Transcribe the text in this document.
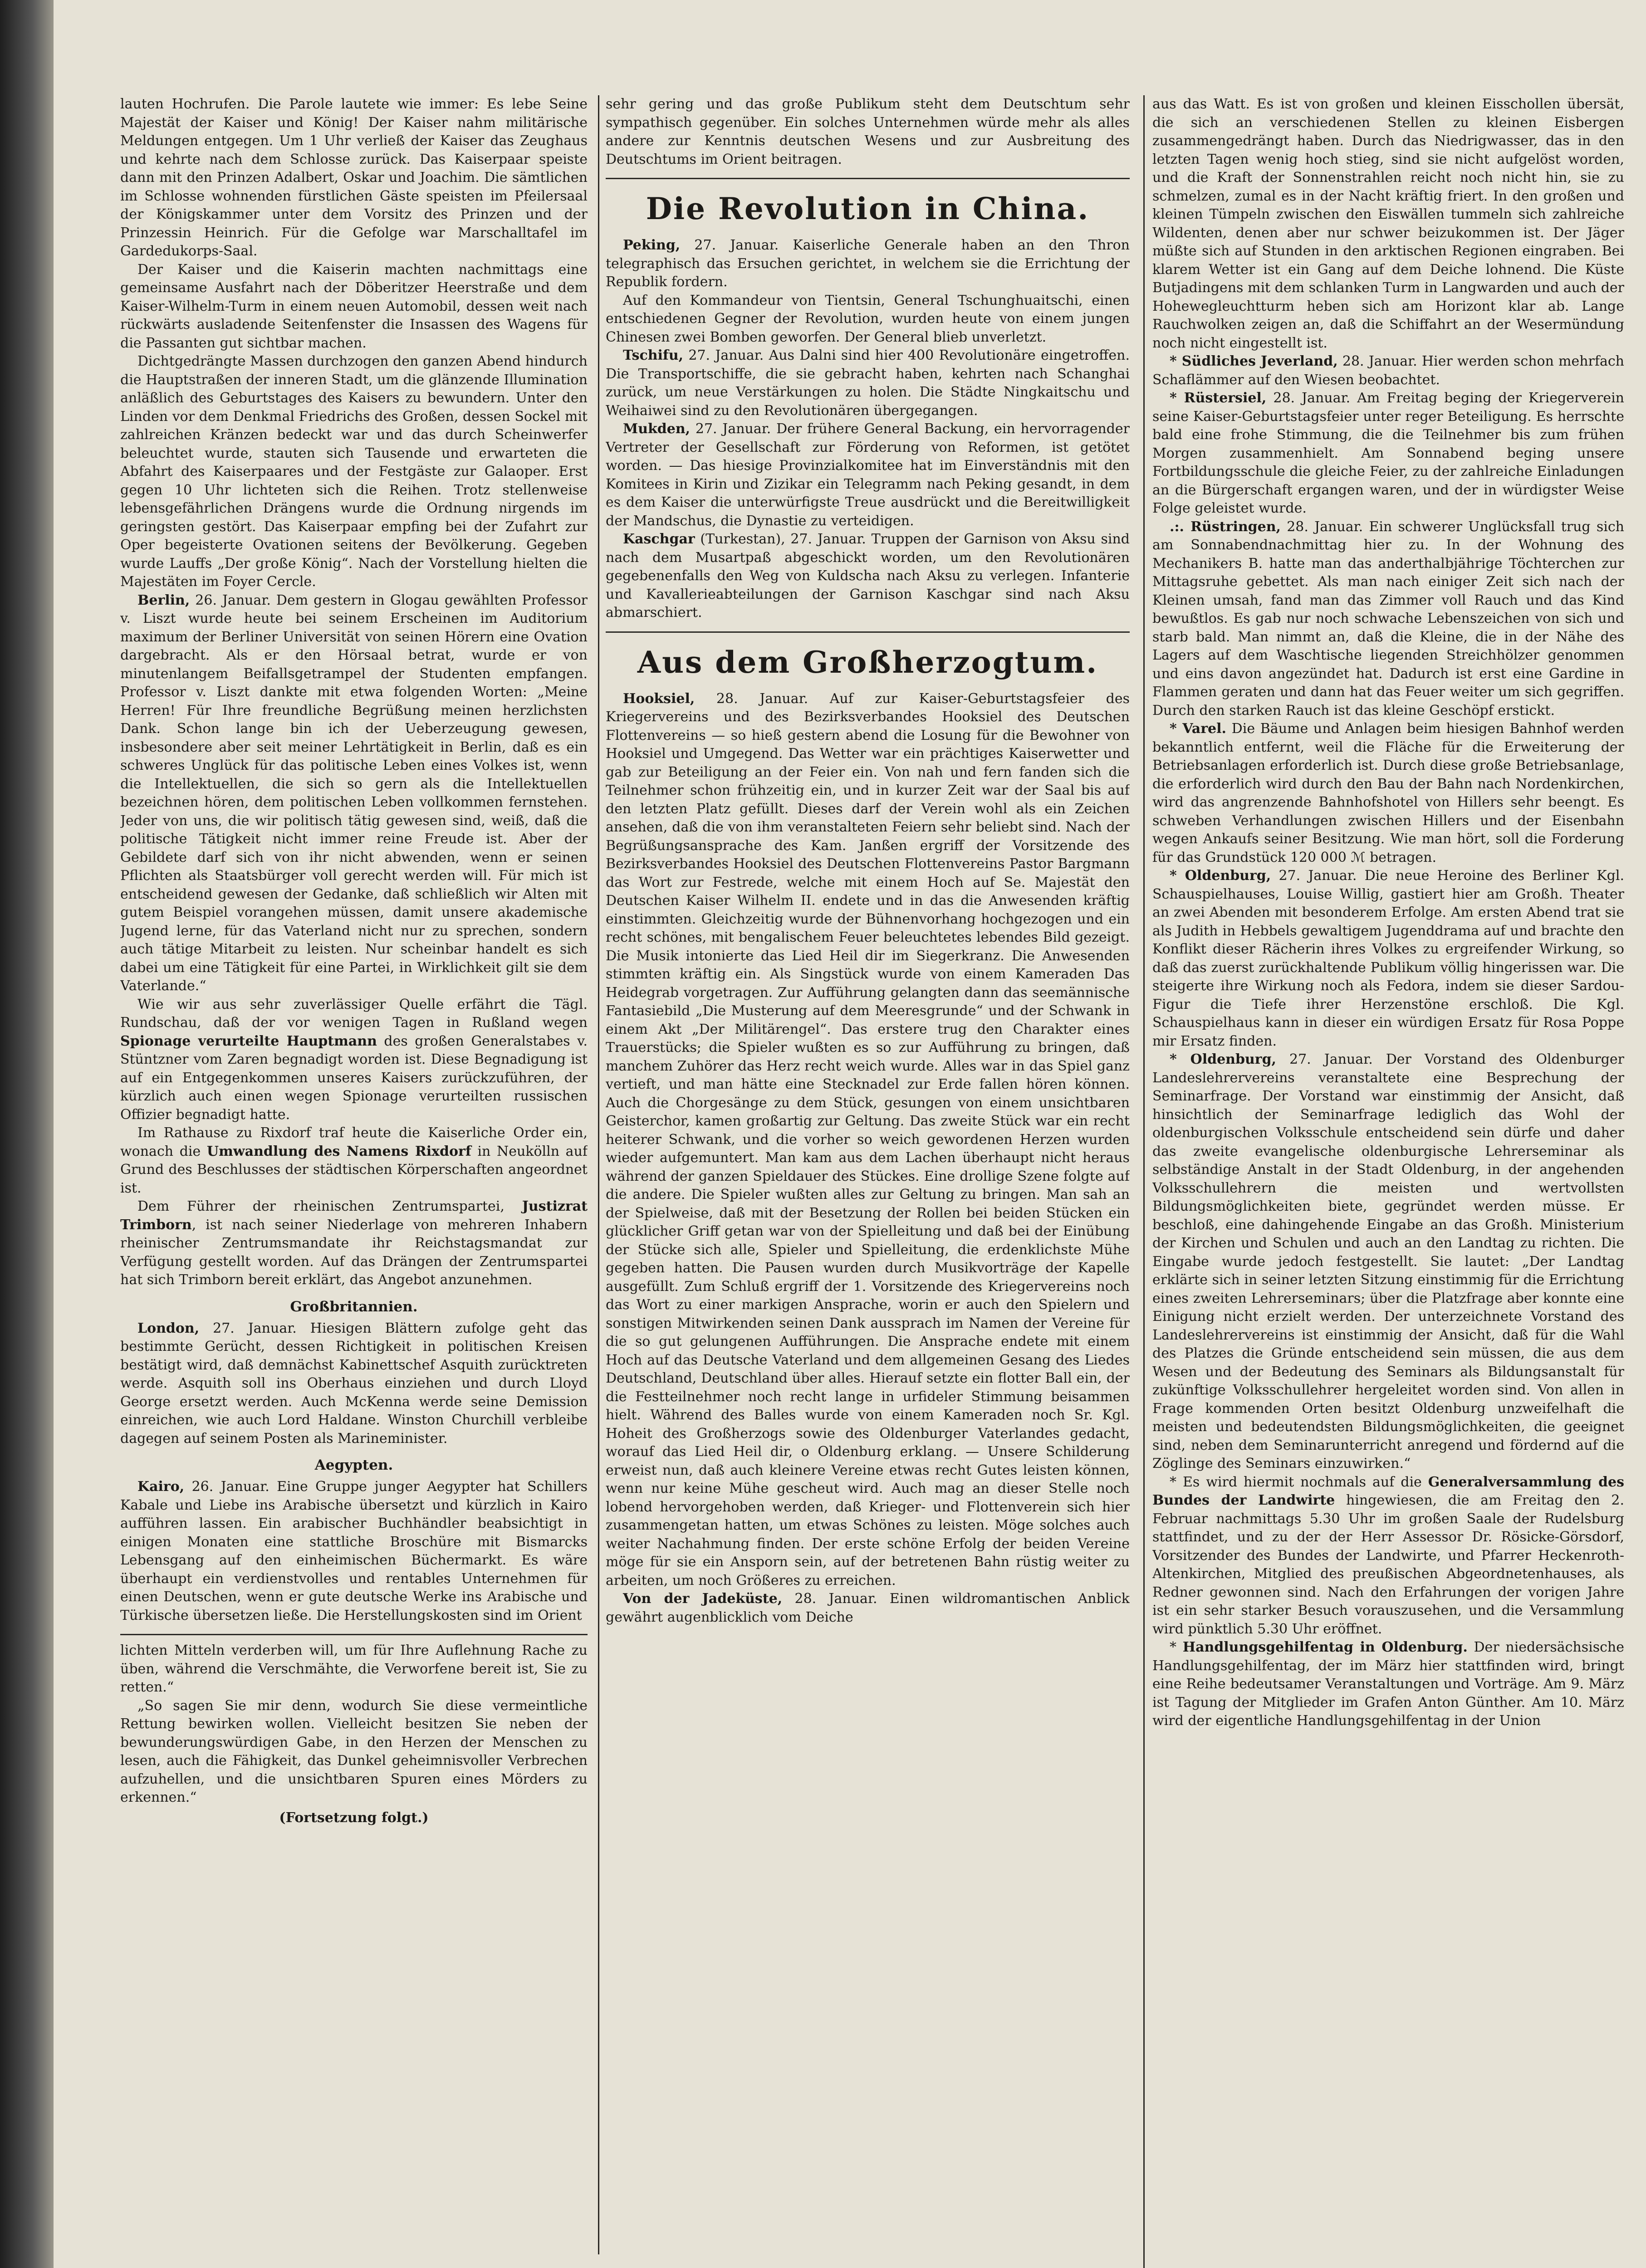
lauten Hochrufen. Die Parole lautete wie immer: Es lebe Seine Majestät der Kaiser und König! Der Kaiser nahm militärische Meldungen entgegen. Um 1 Uhr verließ der Kaiser das Zeughaus und kehrte nach dem Schlosse zurück. Das Kaiserpaar speiste dann mit den Prinzen Adalbert, Oskar und Joachim. Die sämtlichen im Schlosse wohnenden fürstlichen Gäste speisten im Pfeilersaal der Königskammer unter dem Vorsitz des Prinzen und der Prinzessin Heinrich. Für die Gefolge war Marschalltafel im Gardedukorps-Saal.

Der Kaiser und die Kaiserin machten nachmittags eine gemeinsame Ausfahrt nach der Döberitzer Heerstraße und dem Kaiser-Wilhelm-Turm in einem neuen Automobil, dessen weit nach rückwärts ausladende Seitenfenster die Insassen des Wagens für die Passanten gut sichtbar machen.

Dichtgedrängte Massen durchzogen den ganzen Abend hindurch die Hauptstraßen der inneren Stadt, um die glänzende Illumination anläßlich des Geburtstages des Kaisers zu bewundern. Unter den Linden vor dem Denkmal Friedrichs des Großen, dessen Sockel mit zahlreichen Kränzen bedeckt war und das durch Scheinwerfer beleuchtet wurde, stauten sich Tausende und erwarteten die Abfahrt des Kaiserpaares und der Festgäste zur Galaoper. Erst gegen 10 Uhr lichteten sich die Reihen. Trotz stellenweise lebensgefährlichen Drängens wurde die Ordnung nirgends im geringsten gestört. Das Kaiserpaar empfing bei der Zufahrt zur Oper begeisterte Ovationen seitens der Bevölkerung. Gegeben wurde Lauffs „Der große König“. Nach der Vorstellung hielten die Majestäten im Foyer Cercle.

Berlin, 26. Januar. Dem gestern in Glogau gewählten Professor v. Liszt wurde heute bei seinem Erscheinen im Auditorium maximum der Berliner Universität von seinen Hörern eine Ovation dargebracht. Als er den Hörsaal betrat, wurde er von minutenlangem Beifallsgetrampel der Studenten empfangen. Professor v. Liszt dankte mit etwa folgenden Worten: „Meine Herren! Für Ihre freundliche Begrüßung meinen herzlichsten Dank. Schon lange bin ich der Ueberzeugung gewesen, insbesondere aber seit meiner Lehrtätigkeit in Berlin, daß es ein schweres Unglück für das politische Leben eines Volkes ist, wenn die Intellektuellen, die sich so gern als die Intellektuellen bezeichnen hören, dem politischen Leben vollkommen fernstehen. Jeder von uns, die wir politisch tätig gewesen sind, weiß, daß die politische Tätigkeit nicht immer reine Freude ist. Aber der Gebildete darf sich von ihr nicht abwenden, wenn er seinen Pflichten als Staatsbürger voll gerecht werden will. Für mich ist entscheidend gewesen der Gedanke, daß schließlich wir Alten mit gutem Beispiel vorangehen müssen, damit unsere akademische Jugend lerne, für das Vaterland nicht nur zu sprechen, sondern auch tätige Mitarbeit zu leisten. Nur scheinbar handelt es sich dabei um eine Tätigkeit für eine Partei, in Wirklichkeit gilt sie dem Vaterlande.“

Wie wir aus sehr zuverlässiger Quelle erfährt die Tägl. Rundschau, daß der vor wenigen Tagen in Rußland wegen Spionage verurteilte Hauptmann des großen Generalstabes v. Stüntzner vom Zaren begnadigt worden ist. Diese Begnadigung ist auf ein Entgegenkommen unseres Kaisers zurückzuführen, der kürzlich auch einen wegen Spionage verurteilten russischen Offizier begnadigt hatte.

Im Rathause zu Rixdorf traf heute die Kaiserliche Order ein, wonach die Umwandlung des Namens Rixdorf in Neukölln auf Grund des Beschlusses der städtischen Körperschaften angeordnet ist.

Dem Führer der rheinischen Zentrumspartei, Justizrat Trimborn, ist nach seiner Niederlage von mehreren Inhabern rheinischer Zentrumsmandate ihr Reichstagsmandat zur Verfügung gestellt worden. Auf das Drängen der Zentrumspartei hat sich Trimborn bereit erklärt, das Angebot anzunehmen.

Großbritannien.

London, 27. Januar. Hiesigen Blättern zufolge geht das bestimmte Gerücht, dessen Richtigkeit in politischen Kreisen bestätigt wird, daß demnächst Kabinettschef Asquith zurücktreten werde. Asquith soll ins Oberhaus einziehen und durch Lloyd George ersetzt werden. Auch McKenna werde seine Demission einreichen, wie auch Lord Haldane. Winston Churchill verbleibe dagegen auf seinem Posten als Marineminister.

Aegypten.

Kairo, 26. Januar. Eine Gruppe junger Aegypter hat Schillers Kabale und Liebe ins Arabische übersetzt und kürzlich in Kairo aufführen lassen. Ein arabischer Buchhändler beabsichtigt in einigen Monaten eine stattliche Broschüre mit Bismarcks Lebensgang auf den einheimischen Büchermarkt. Es wäre überhaupt ein verdienstvolles und rentables Unternehmen für einen Deutschen, wenn er gute deutsche Werke ins Arabische und Türkische übersetzen ließe. Die Herstellungskosten sind im Orient

lichten Mitteln verderben will, um für Ihre Auflehnung Rache zu üben, während die Verschmähte, die Verworfene bereit ist, Sie zu retten.“

„So sagen Sie mir denn, wodurch Sie diese vermeintliche Rettung bewirken wollen. Vielleicht besitzen Sie neben der bewunderungswürdigen Gabe, in den Herzen der Menschen zu lesen, auch die Fähigkeit, das Dunkel geheimnisvoller Verbrechen aufzuhellen, und die unsichtbaren Spuren eines Mörders zu erkennen.“

(Fortsetzung folgt.)

sehr gering und das große Publikum steht dem Deutschtum sehr sympathisch gegenüber. Ein solches Unternehmen würde mehr als alles andere zur Kenntnis deutschen Wesens und zur Ausbreitung des Deutschtums im Orient beitragen.

Die Revolution in China.

Peking, 27. Januar. Kaiserliche Generale haben an den Thron telegraphisch das Ersuchen gerichtet, in welchem sie die Errichtung der Republik fordern.

Auf den Kommandeur von Tientsin, General Tschunghuaitschi, einen entschiedenen Gegner der Revolution, wurden heute von einem jungen Chinesen zwei Bomben geworfen. Der General blieb unverletzt.

Tschifu, 27. Januar. Aus Dalni sind hier 400 Revolutionäre eingetroffen. Die Transportschiffe, die sie gebracht haben, kehrten nach Schanghai zurück, um neue Verstärkungen zu holen. Die Städte Ningkaitschu und Weihaiwei sind zu den Revolutionären übergegangen.

Mukden, 27. Januar. Der frühere General Backung, ein hervorragender Vertreter der Gesellschaft zur Förderung von Reformen, ist getötet worden. — Das hiesige Provinzialkomitee hat im Einverständnis mit den Komitees in Kirin und Zizikar ein Telegramm nach Peking gesandt, in dem es dem Kaiser die unterwürfigste Treue ausdrückt und die Bereitwilligkeit der Mandschus, die Dynastie zu verteidigen.

Kaschgar (Turkestan), 27. Januar. Truppen der Garnison von Aksu sind nach dem Musartpaß abgeschickt worden, um den Revolutionären gegebenenfalls den Weg von Kuldscha nach Aksu zu verlegen. Infanterie und Kavallerieabteilungen der Garnison Kaschgar sind nach Aksu abmarschiert.

Aus dem Großherzogtum.

Hooksiel, 28. Januar. Auf zur Kaiser-Geburtstagsfeier des Kriegervereins und des Bezirksverbandes Hooksiel des Deutschen Flottenvereins — so hieß gestern abend die Losung für die Bewohner von Hooksiel und Umgegend. Das Wetter war ein prächtiges Kaiserwetter und gab zur Beteiligung an der Feier ein. Von nah und fern fanden sich die Teilnehmer schon frühzeitig ein, und in kurzer Zeit war der Saal bis auf den letzten Platz gefüllt. Dieses darf der Verein wohl als ein Zeichen ansehen, daß die von ihm veranstalteten Feiern sehr beliebt sind. Nach der Begrüßungsansprache des Kam. Janßen ergriff der Vorsitzende des Bezirksverbandes Hooksiel des Deutschen Flottenvereins Pastor Bargmann das Wort zur Festrede, welche mit einem Hoch auf Se. Majestät den Deutschen Kaiser Wilhelm II. endete und in das die Anwesenden kräftig einstimmten. Gleichzeitig wurde der Bühnenvorhang hochgezogen und ein recht schönes, mit bengalischem Feuer beleuchtetes lebendes Bild gezeigt. Die Musik intonierte das Lied Heil dir im Siegerkranz. Die Anwesenden stimmten kräftig ein. Als Singstück wurde von einem Kameraden Das Heidegrab vorgetragen. Zur Aufführung gelangten dann das seemännische Fantasiebild „Die Musterung auf dem Meeresgrunde“ und der Schwank in einem Akt „Der Militärengel“. Das erstere trug den Charakter eines Trauerstücks; die Spieler wußten es so zur Aufführung zu bringen, daß manchem Zuhörer das Herz recht weich wurde. Alles war in das Spiel ganz vertieft, und man hätte eine Stecknadel zur Erde fallen hören können. Auch die Chorgesänge zu dem Stück, gesungen von einem unsichtbaren Geisterchor, kamen großartig zur Geltung. Das zweite Stück war ein recht heiterer Schwank, und die vorher so weich gewordenen Herzen wurden wieder aufgemuntert. Man kam aus dem Lachen überhaupt nicht heraus während der ganzen Spieldauer des Stückes. Eine drollige Szene folgte auf die andere. Die Spieler wußten alles zur Geltung zu bringen. Man sah an der Spielweise, daß mit der Besetzung der Rollen bei beiden Stücken ein glücklicher Griff getan war von der Spielleitung und daß bei der Einübung der Stücke sich alle, Spieler und Spielleitung, die erdenklichste Mühe gegeben hatten. Die Pausen wurden durch Musikvorträge der Kapelle ausgefüllt. Zum Schluß ergriff der 1. Vorsitzende des Kriegervereins noch das Wort zu einer markigen Ansprache, worin er auch den Spielern und sonstigen Mitwirkenden seinen Dank aussprach im Namen der Vereine für die so gut gelungenen Aufführungen. Die Ansprache endete mit einem Hoch auf das Deutsche Vaterland und dem allgemeinen Gesang des Liedes Deutschland, Deutschland über alles. Hierauf setzte ein flotter Ball ein, der die Festteilnehmer noch recht lange in urfideler Stimmung beisammen hielt. Während des Balles wurde von einem Kameraden noch Sr. Kgl. Hoheit des Großherzogs sowie des Oldenburger Vaterlandes gedacht, worauf das Lied Heil dir, o Oldenburg erklang. — Unsere Schilderung erweist nun, daß auch kleinere Vereine etwas recht Gutes leisten können, wenn nur keine Mühe gescheut wird. Auch mag an dieser Stelle noch lobend hervorgehoben werden, daß Krieger- und Flottenverein sich hier zusammengetan hatten, um etwas Schönes zu leisten. Möge solches auch weiter Nachahmung finden. Der erste schöne Erfolg der beiden Vereine möge für sie ein Ansporn sein, auf der betretenen Bahn rüstig weiter zu arbeiten, um noch Größeres zu erreichen.

Von der Jadeküste, 28. Januar. Einen wildromantischen Anblick gewährt augenblicklich vom Deiche

aus das Watt. Es ist von großen und kleinen Eisschollen übersät, die sich an verschiedenen Stellen zu kleinen Eisbergen zusammengedrängt haben. Durch das Niedrigwasser, das in den letzten Tagen wenig hoch stieg, sind sie nicht aufgelöst worden, und die Kraft der Sonnenstrahlen reicht noch nicht hin, sie zu schmelzen, zumal es in der Nacht kräftig friert. In den großen und kleinen Tümpeln zwischen den Eiswällen tummeln sich zahlreiche Wildenten, denen aber nur schwer beizukommen ist. Der Jäger müßte sich auf Stunden in den arktischen Regionen eingraben. Bei klarem Wetter ist ein Gang auf dem Deiche lohnend. Die Küste Butjadingens mit dem schlanken Turm in Langwarden und auch der Hohewegleuchtturm heben sich am Horizont klar ab. Lange Rauchwolken zeigen an, daß die Schiffahrt an der Wesermündung noch nicht eingestellt ist.

* Südliches Jeverland, 28. Januar. Hier werden schon mehrfach Schaflämmer auf den Wiesen beobachtet.

* Rüstersiel, 28. Januar. Am Freitag beging der Kriegerverein seine Kaiser-Geburtstagsfeier unter reger Beteiligung. Es herrschte bald eine frohe Stimmung, die die Teilnehmer bis zum frühen Morgen zusammenhielt. Am Sonnabend beging unsere Fortbildungsschule die gleiche Feier, zu der zahlreiche Einladungen an die Bürgerschaft ergangen waren, und der in würdigster Weise Folge geleistet wurde.

.:. Rüstringen, 28. Januar. Ein schwerer Unglücksfall trug sich am Sonnabendnachmittag hier zu. In der Wohnung des Mechanikers B. hatte man das anderthalbjährige Töchterchen zur Mittagsruhe gebettet. Als man nach einiger Zeit sich nach der Kleinen umsah, fand man das Zimmer voll Rauch und das Kind bewußtlos. Es gab nur noch schwache Lebenszeichen von sich und starb bald. Man nimmt an, daß die Kleine, die in der Nähe des Lagers auf dem Waschtische liegenden Streichhölzer genommen und eins davon angezündet hat. Dadurch ist erst eine Gardine in Flammen geraten und dann hat das Feuer weiter um sich gegriffen. Durch den starken Rauch ist das kleine Geschöpf erstickt.

* Varel. Die Bäume und Anlagen beim hiesigen Bahnhof werden bekanntlich entfernt, weil die Fläche für die Erweiterung der Betriebsanlagen erforderlich ist. Durch diese große Betriebsanlage, die erforderlich wird durch den Bau der Bahn nach Nordenkirchen, wird das angrenzende Bahnhofshotel von Hillers sehr beengt. Es schweben Verhandlungen zwischen Hillers und der Eisenbahn wegen Ankaufs seiner Besitzung. Wie man hört, soll die Forderung für das Grundstück 120 000 ℳ betragen.

* Oldenburg, 27. Januar. Die neue Heroine des Berliner Kgl. Schauspielhauses, Louise Willig, gastiert hier am Großh. Theater an zwei Abenden mit besonderem Erfolge. Am ersten Abend trat sie als Judith in Hebbels gewaltigem Jugenddrama auf und brachte den Konflikt dieser Rächerin ihres Volkes zu ergreifender Wirkung, so daß das zuerst zurückhaltende Publikum völlig hingerissen war. Die steigerte ihre Wirkung noch als Fedora, indem sie dieser Sardou-Figur die Tiefe ihrer Herzenstöne erschloß. Die Kgl. Schauspielhaus kann in dieser ein würdigen Ersatz für Rosa Poppe mir Ersatz finden.

* Oldenburg, 27. Januar. Der Vorstand des Oldenburger Landeslehrervereins veranstaltete eine Besprechung der Seminarfrage. Der Vorstand war einstimmig der Ansicht, daß hinsichtlich der Seminarfrage lediglich das Wohl der oldenburgischen Volksschule entscheidend sein dürfe und daher das zweite evangelische oldenburgische Lehrerseminar als selbständige Anstalt in der Stadt Oldenburg, in der angehenden Volksschullehrern die meisten und wertvollsten Bildungsmöglichkeiten biete, gegründet werden müsse. Er beschloß, eine dahingehende Eingabe an das Großh. Ministerium der Kirchen und Schulen und auch an den Landtag zu richten. Die Eingabe wurde jedoch festgestellt. Sie lautet: „Der Landtag erklärte sich in seiner letzten Sitzung einstimmig für die Errichtung eines zweiten Lehrerseminars; über die Platzfrage aber konnte eine Einigung nicht erzielt werden. Der unterzeichnete Vorstand des Landeslehrervereins ist einstimmig der Ansicht, daß für die Wahl des Platzes die Gründe entscheidend sein müssen, die aus dem Wesen und der Bedeutung des Seminars als Bildungsanstalt für zukünftige Volksschullehrer hergeleitet worden sind. Von allen in Frage kommenden Orten besitzt Oldenburg unzweifelhaft die meisten und bedeutendsten Bildungsmöglichkeiten, die geeignet sind, neben dem Seminarunterricht anregend und fördernd auf die Zöglinge des Seminars einzuwirken.“

* Es wird hiermit nochmals auf die Generalversammlung des Bundes der Landwirte hingewiesen, die am Freitag den 2. Februar nachmittags 5.30 Uhr im großen Saale der Rudelsburg stattfindet, und zu der der Herr Assessor Dr. Rösicke-Görsdorf, Vorsitzender des Bundes der Landwirte, und Pfarrer Heckenroth-Altenkirchen, Mitglied des preußischen Abgeordnetenhauses, als Redner gewonnen sind. Nach den Erfahrungen der vorigen Jahre ist ein sehr starker Besuch vorauszusehen, und die Versammlung wird pünktlich 5.30 Uhr eröffnet.

* Handlungsgehilfentag in Oldenburg. Der niedersächsische Handlungsgehilfentag, der im März hier stattfinden wird, bringt eine Reihe bedeutsamer Veranstaltungen und Vorträge. Am 9. März ist Tagung der Mitglieder im Grafen Anton Günther. Am 10. März wird der eigentliche Handlungsgehilfentag in der Union
